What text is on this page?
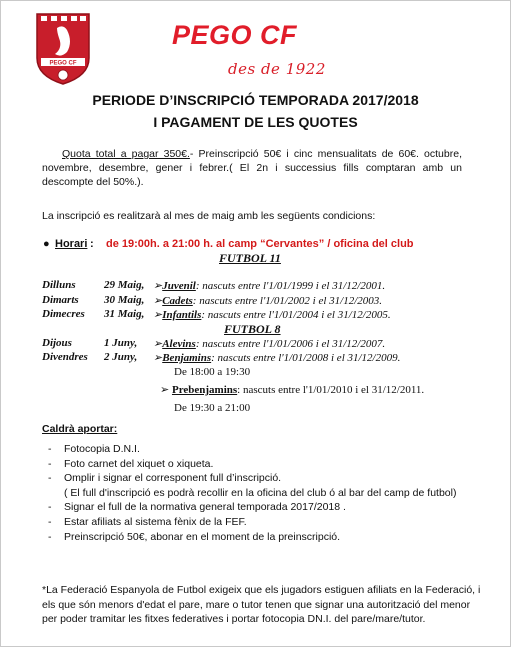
PEGO CF
PEGO CF
des de 1922
PERIODE D’INSCRIPCIÓ TEMPORADA 2017/2018
I PAGAMENT DE LES QUOTES
Quota total a pagar 350€.- Preinscripció 50€ i cinc mensualitats de 60€. octubre, novembre, desembre, gener i febrer.( El 2n i successius fills comptaran amb un descompte del 50%.).
La inscripció es realitzarà al mes de maig amb les següents condicions:
● Horari : de 19:00h. a 21:00 h. al camp “Cervantes” / oficina del club
FUTBOL 11
Dilluns	29 Maig, ➢Juvenil: nascuts entre l'1/01/1999 i el 31/12/2001.
Dimarts 30 Maig, ➢Cadets: nascuts entre l'1/01/2002 i el 31/12/2003.
Dimecres 31 Maig, ➢Infantils: nascuts entre l'1/01/2004 i el 31/12/2005.
FUTBOL 8
Dijous	1 Juny, ➢Alevins: nascuts entre l'1/01/2006 i el 31/12/2007.
Divendres 2 Juny, ➢Benjamins: nascuts entre l'1/01/2008 i el 31/12/2009.
De 18:00 a 19:30
➢ Prebenjamins: nascuts entre l'1/01/2010 i el 31/12/2011.
De 19:30 a 21:00
Caldrà aportar:
- Fotocopia D.N.I.
- Foto carnet del xiquet o xiqueta.
- Omplir i signar el corresponent full d’inscripció.
( El full d'inscripció es podrà recollir en la oficina del club ó al bar del camp de futbol)
- Signar el full de la normativa general temporada 2017/2018 .
- Estar afiliats al sistema fènix de la FEF.
- Preinscripció 50€, abonar en el moment de la preinscripció.
*La Federació Espanyola de Futbol exigeix que els jugadors estiguen afiliats en la Federació, i els que són menors d'edat el pare, mare o tutor tenen que signar una autorització del menor per poder tramitar les fitxes federatives i portar fotocopia DN.I. del pare/mare/tutor.
